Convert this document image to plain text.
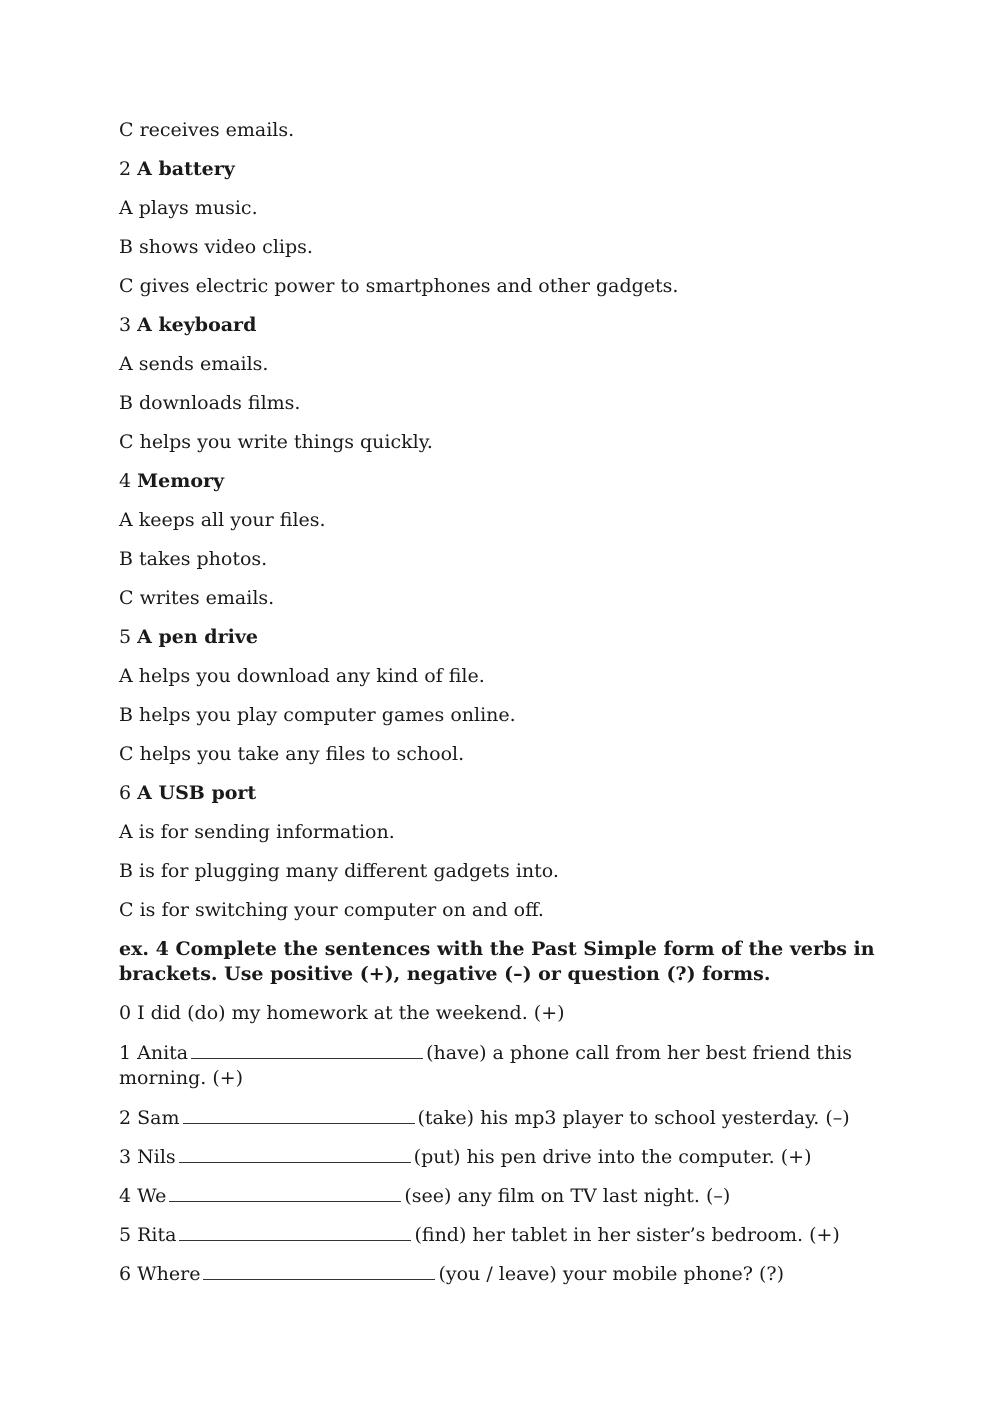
C receives emails.
2 A battery
A plays music.
B shows video clips.
C gives electric power to smartphones and other gadgets.
3 A keyboard
A sends emails.
B downloads films.
C helps you write things quickly.
4 Memory
A keeps all your files.
B takes photos.
C writes emails.
5 A pen drive
A helps you download any kind of file.
B helps you play computer games online.
C helps you take any files to school.
6 A USB port
A is for sending information.
B is for plugging many different gadgets into.
C is for switching your computer on and off.
ex. 4 Complete the sentences with the Past Simple form of the verbs in brackets. Use positive (+), negative (–) or question (?) forms.
0 I did (do) my homework at the weekend. (+)
1 Anita	(have) a phone call from her best friend this morning. (+)
2 Sam	(take) his mp3 player to school yesterday. (–)
3 Nils	(put) his pen drive into the computer. (+)
4 We	(see) any film on TV last night. (–)
5 Rita	(find) her tablet in her sister’s bedroom. (+)
6 Where	(you / leave) your mobile phone? (?)
